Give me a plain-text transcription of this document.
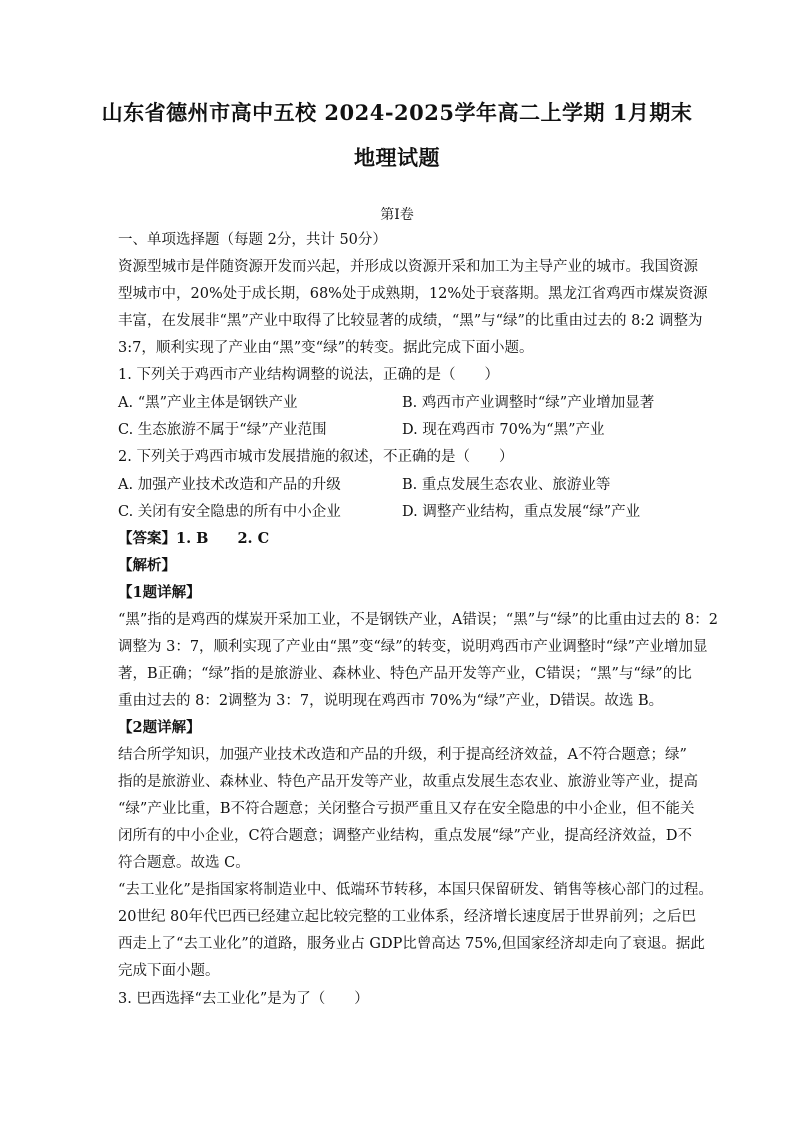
山东省德州市高中五校 2024-2025学年高二上学期 1月期末
地理试题
第Ⅰ卷
一、单项选择题（每题 2分，共计 50分）
资源型城市是伴随资源开发而兴起，并形成以资源开采和加工为主导产业的城市。我国资源
型城市中，20%处于成长期，68%处于成熟期，12%处于衰落期。黑龙江省鸡西市煤炭资源
丰富，在发展非“黑”产业中取得了比较显著的成绩，“黑”与“绿”的比重由过去的 8:2 调整为
3:7，顺利实现了产业由“黑”变“绿”的转变。据此完成下面小题。
1. 下列关于鸡西市产业结构调整的说法，正确的是（　　）
A. “黑”产业主体是钢铁产业	B. 鸡西市产业调整时“绿”产业增加显著
C. 生态旅游不属于“绿”产业范围	D. 现在鸡西市 70%为“黑”产业
2. 下列关于鸡西市城市发展措施的叙述，不正确的是（　　）
A. 加强产业技术改造和产品的升级	B. 重点发展生态农业、旅游业等
C. 关闭有安全隐患的所有中小企业	D. 调整产业结构，重点发展“绿”产业
【答案】1. B　　2. C
【解析】
【1题详解】
“黑”指的是鸡西的煤炭开采加工业，不是钢铁产业，A错误；“黑”与“绿”的比重由过去的 8：2
调整为 3：7，顺利实现了产业由“黑”变“绿”的转变，说明鸡西市产业调整时“绿”产业增加显
著，B正确；“绿”指的是旅游业、森林业、特色产品开发等产业，C错误；“黑”与“绿”的比
重由过去的 8：2调整为 3：7，说明现在鸡西市 70%为“绿”产业，D错误。故选 B。
【2题详解】
结合所学知识，加强产业技术改造和产品的升级，利于提高经济效益，A不符合题意；绿”
指的是旅游业、森林业、特色产品开发等产业，故重点发展生态农业、旅游业等产业，提高
“绿”产业比重，B不符合题意；关闭整合亏损严重且又存在安全隐患的中小企业，但不能关
闭所有的中小企业，C符合题意；调整产业结构，重点发展“绿”产业，提高经济效益，D不
符合题意。故选 C。
“去工业化”是指国家将制造业中、低端环节转移，本国只保留研发、销售等核心部门的过程。
20世纪 80年代巴西已经建立起比较完整的工业体系，经济增长速度居于世界前列；之后巴
西走上了“去工业化”的道路，服务业占 GDP比曾高达 75%,但国家经济却走向了衰退。据此
完成下面小题。
3. 巴西选择“去工业化”是为了（　　）
